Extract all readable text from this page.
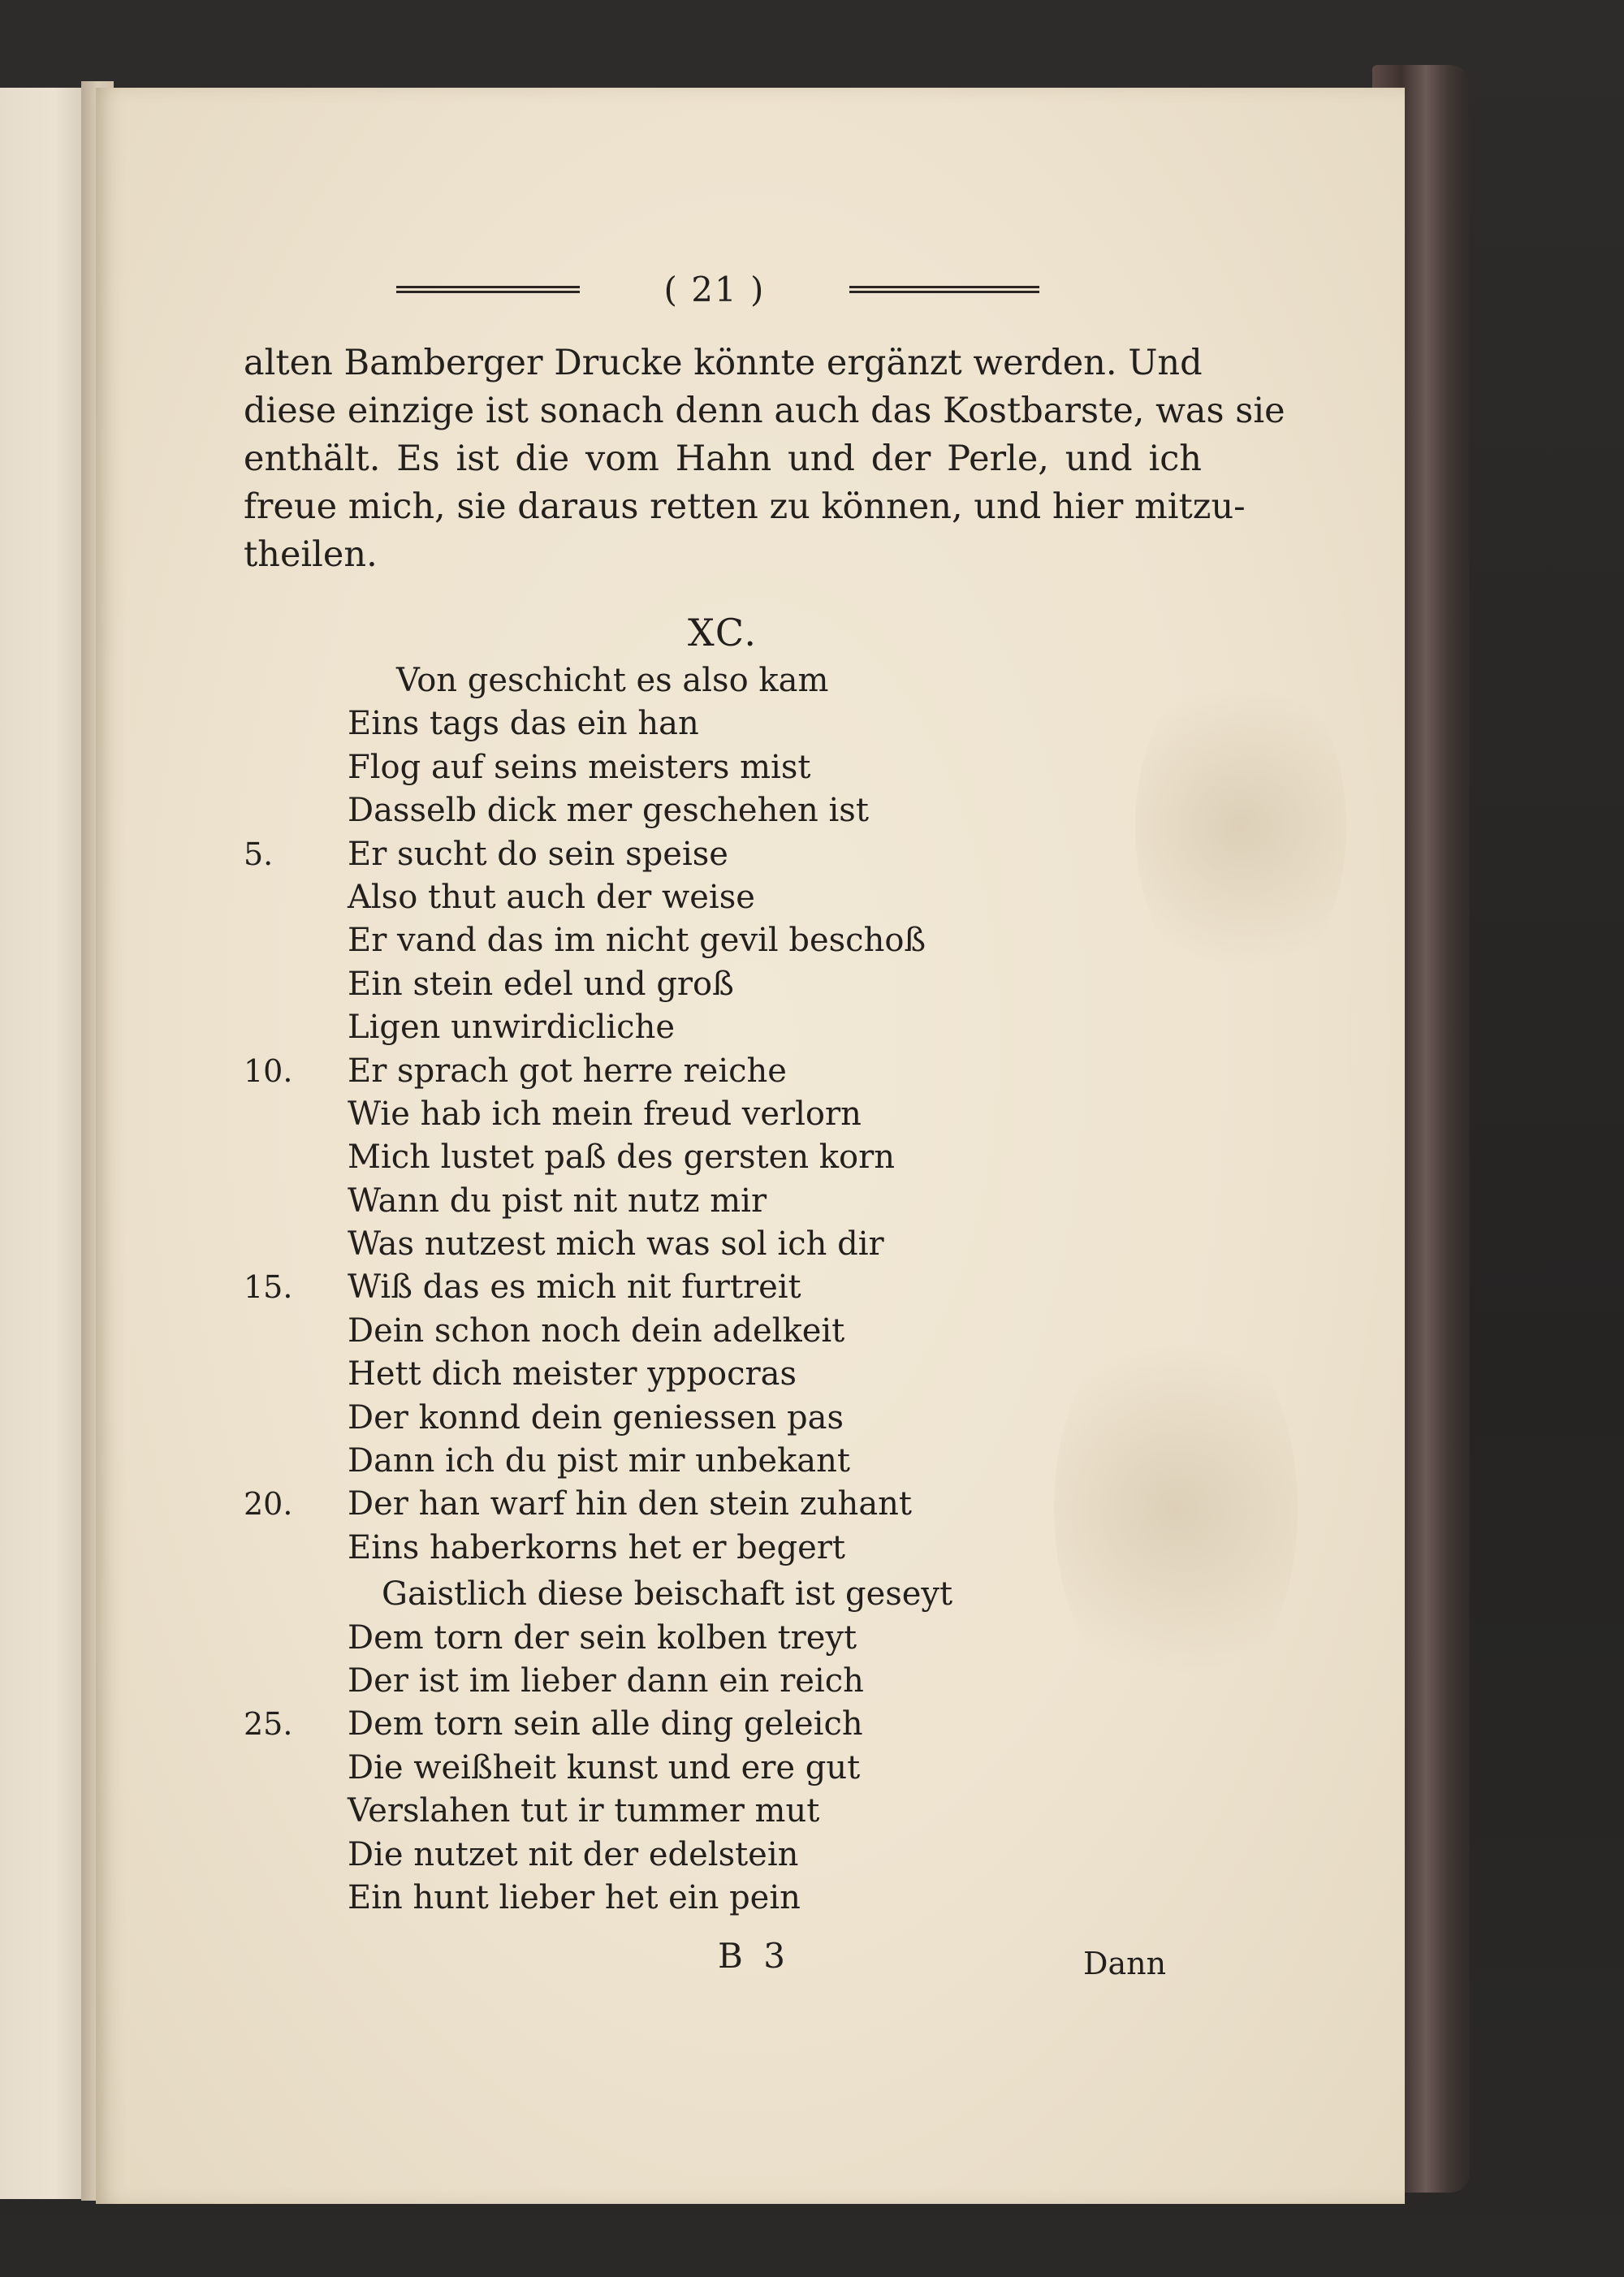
( 21 )
alten Bamberger Drucke könnte ergänzt werden. Und
diese einzige ist sonach denn auch das Kostbarste, was sie
enthält. Es ist die vom Hahn und der Perle, und ich
freue mich, sie daraus retten zu können, und hier mitzu-
theilen.
XC.
Von geschicht es also kam
Eins tags das ein han
Flog auf seins meisters mist
Dasselb dick mer geschehen ist
5.	Er sucht do sein speise
Also thut auch der weise
Er vand das im nicht gevil beschoß
Ein stein edel und groß
Ligen unwirdicliche
10.	Er sprach got herre reiche
Wie hab ich mein freud verlorn
Mich lustet paß des gersten korn
Wann du pist nit nutz mir
Was nutzest mich was sol ich dir
15.	Wiß das es mich nit furtreit
Dein schon noch dein adelkeit
Hett dich meister yppocras
Der konnd dein geniessen pas
Dann ich du pist mir unbekant
20.	Der han warf hin den stein zuhant
Eins haberkorns het er begert
Gaistlich diese beischaft ist geseyt
Dem torn der sein kolben treyt
Der ist im lieber dann ein reich
25.	Dem torn sein alle ding geleich
Die weißheit kunst und ere gut
Verslahen tut ir tummer mut
Die nutzet nit der edelstein
Ein hunt lieber het ein pein
B 3	Dann
